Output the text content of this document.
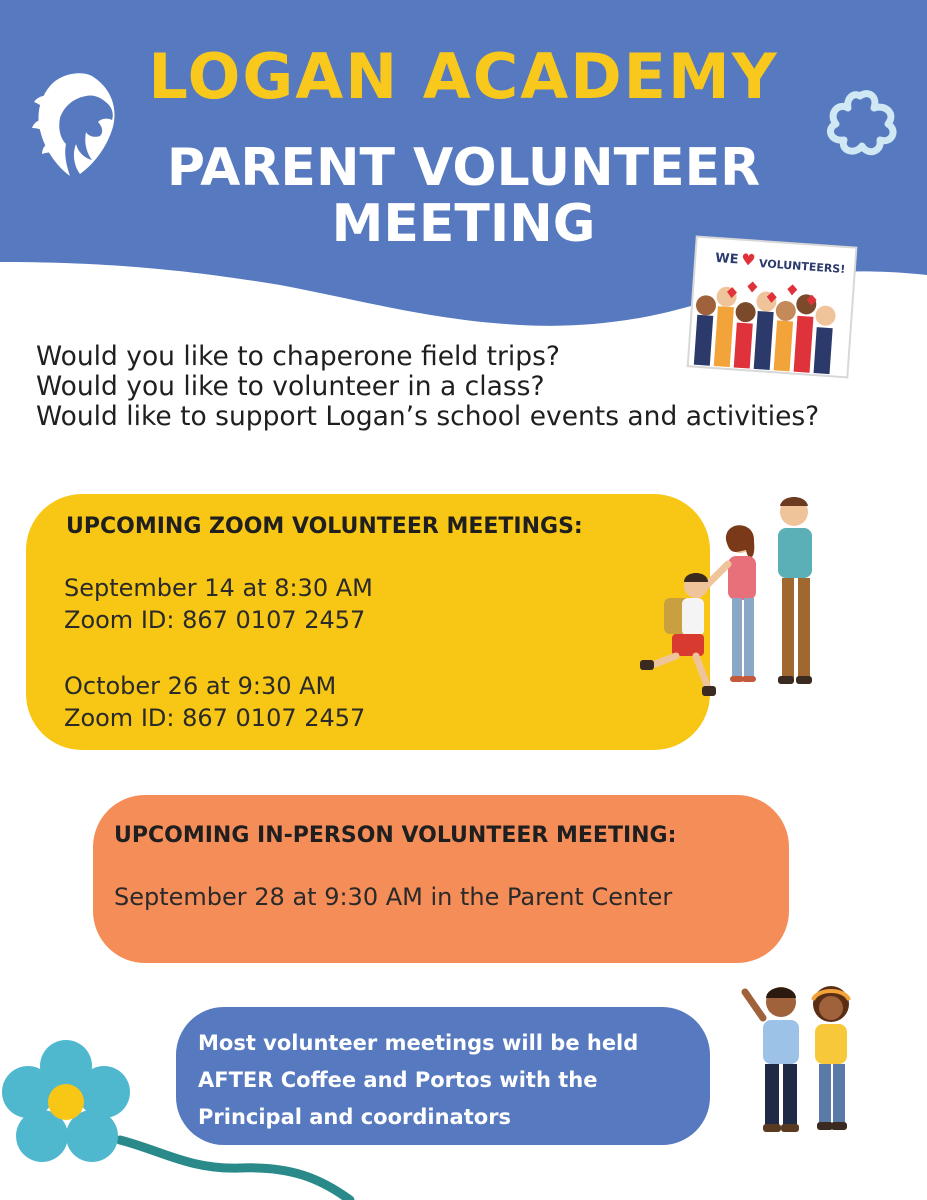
LOGAN ACADEMY
PARENT VOLUNTEER
MEETING
WE ♥ VOLUNTEERS!
Would you like to chaperone field trips?
Would you like to volunteer in a class?
Would like to support Logan’s school events and activities?
UPCOMING ZOOM VOLUNTEER MEETINGS:
September 14 at 8:30 AM
Zoom ID: 867 0107 2457
October 26 at 9:30 AM
Zoom ID: 867 0107 2457
UPCOMING IN-PERSON VOLUNTEER MEETING:
September 28 at 9:30 AM in the Parent Center
Most volunteer meetings will be held
AFTER Coffee and Portos with the
Principal and coordinators
